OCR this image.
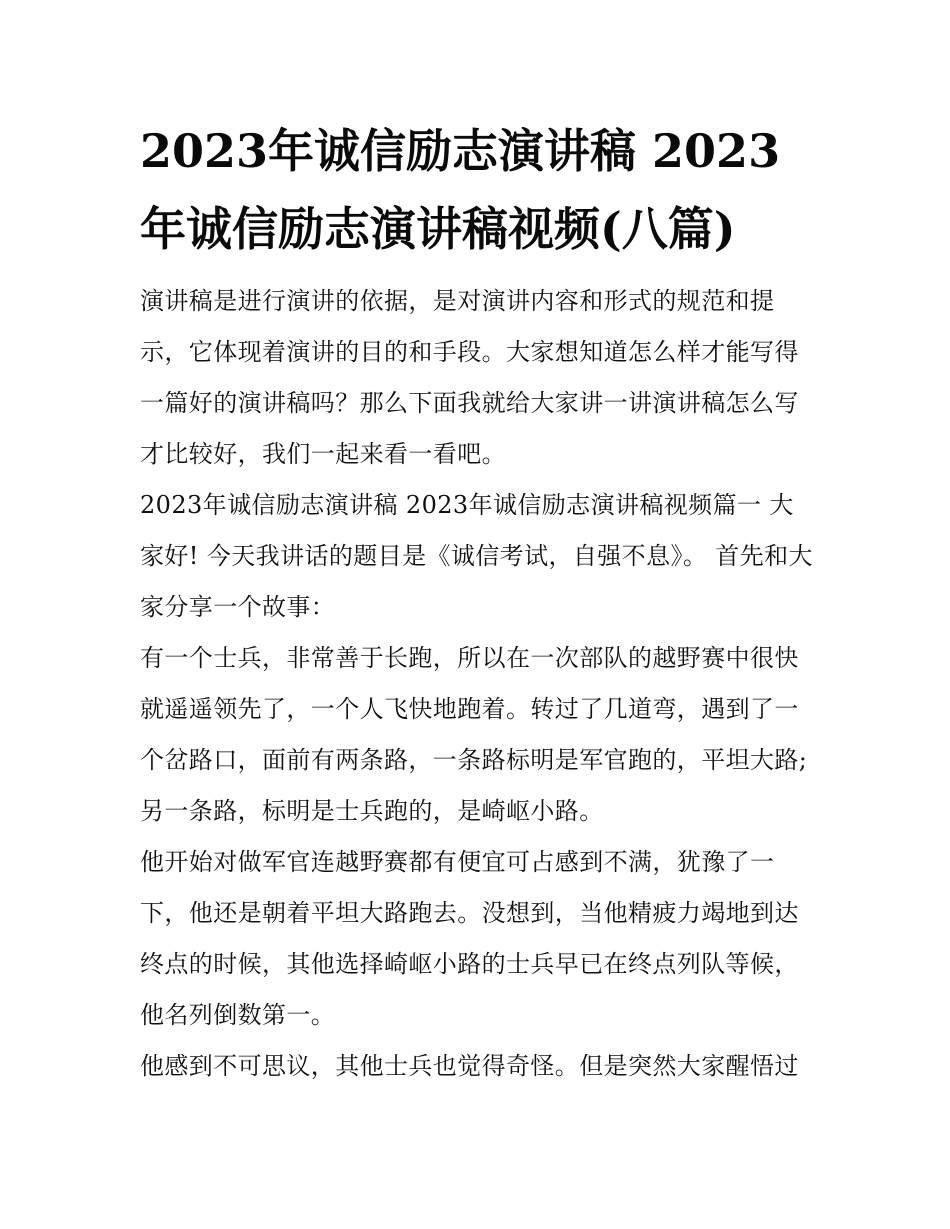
2023年诚信励志演讲稿 2023年诚信励志演讲稿视频(八篇)

演讲稿是进行演讲的依据，是对演讲内容和形式的规范和提示，它体现着演讲的目的和手段。大家想知道怎么样才能写得一篇好的演讲稿吗？那么下面我就给大家讲一讲演讲稿怎么写才比较好，我们一起来看一看吧。

2023年诚信励志演讲稿 2023年诚信励志演讲稿视频篇一 大家好! 今天我讲话的题目是《诚信考试，自强不息》。 首先和大家分享一个故事：

有一个士兵，非常善于长跑，所以在一次部队的越野赛中很快就遥遥领先了，一个人飞快地跑着。转过了几道弯，遇到了一个岔路口，面前有两条路，一条路标明是军官跑的，平坦大路;另一条路，标明是士兵跑的，是崎岖小路。

他开始对做军官连越野赛都有便宜可占感到不满，犹豫了一下，他还是朝着平坦大路跑去。没想到，当他精疲力竭地到达终点的时候，其他选择崎岖小路的士兵早已在终点列队等候，他名列倒数第一。

他感到不可思议，其他士兵也觉得奇怪。但是突然大家醒悟过
